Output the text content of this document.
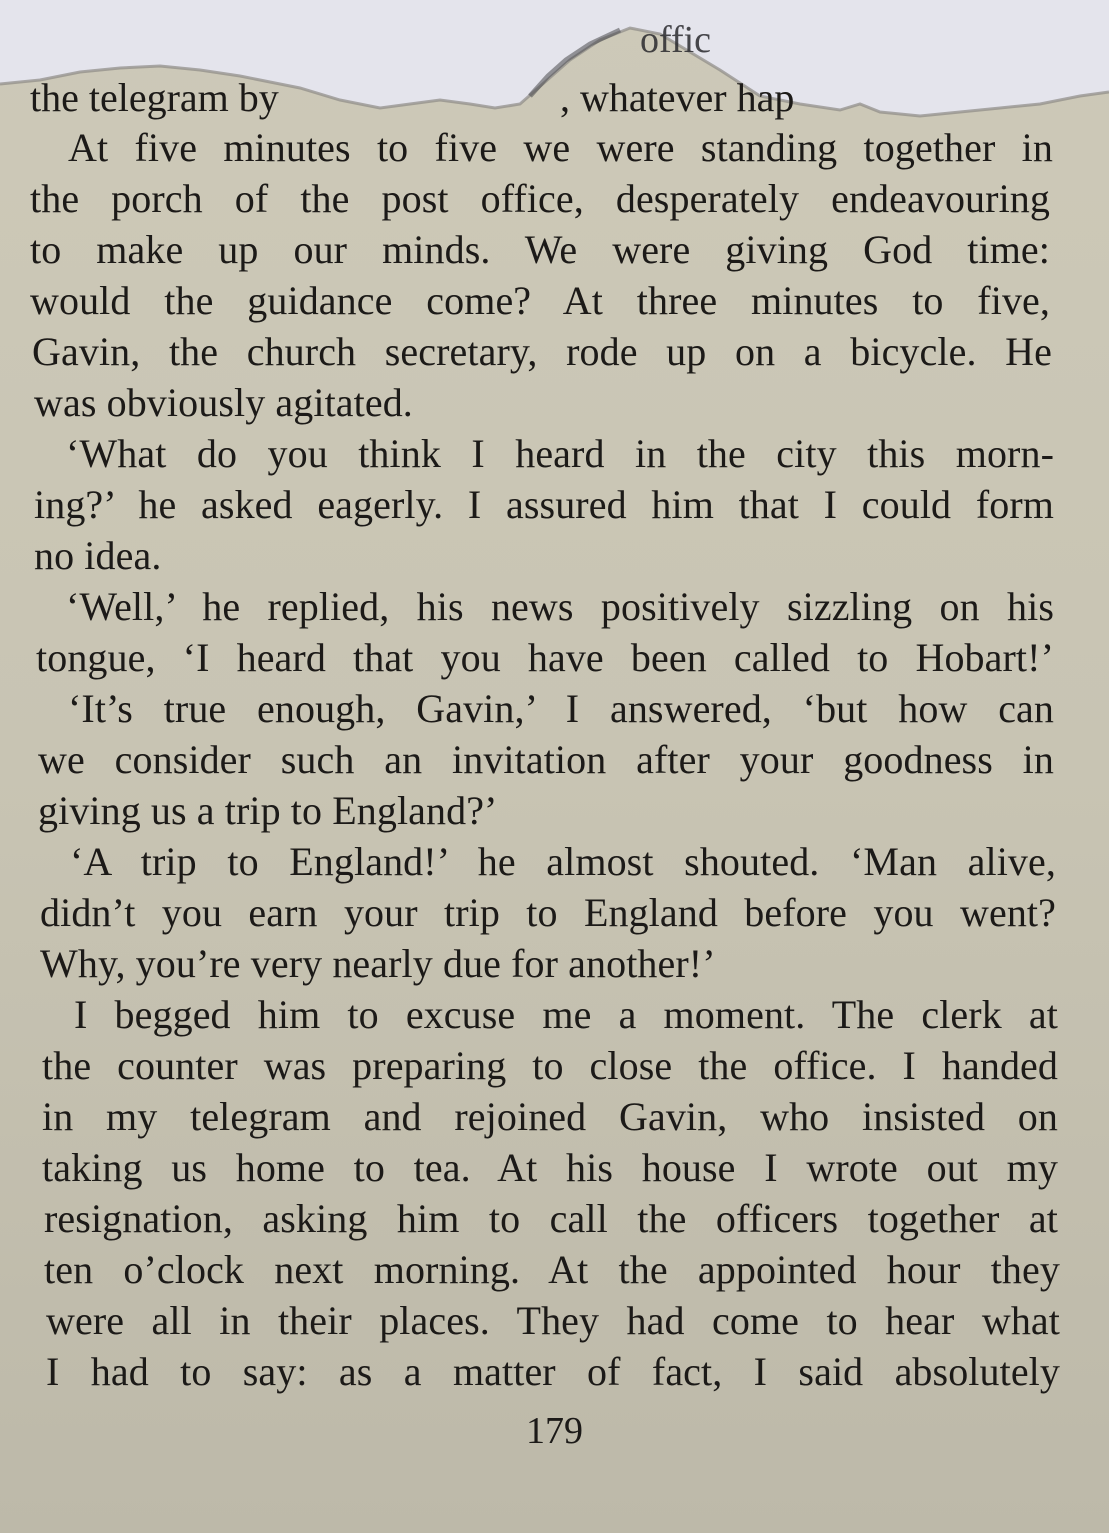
offic
the telegram by	, whatever hap
At five minutes to five we were standing together in
the porch of the post office, desperately endeavouring
to make up our minds. We were giving God time:
would the guidance come? At three minutes to five,
Gavin, the church secretary, rode up on a bicycle. He
was obviously agitated.
‘What do you think I heard in the city this morn-
ing?’ he asked eagerly. I assured him that I could form
no idea.
‘Well,’ he replied, his news positively sizzling on his
tongue, ‘I heard that you have been called to Hobart!’
‘It’s true enough, Gavin,’ I answered, ‘but how can
we consider such an invitation after your goodness in
giving us a trip to England?’
‘A trip to England!’ he almost shouted. ‘Man alive,
didn’t you earn your trip to England before you went?
Why, you’re very nearly due for another!’
I begged him to excuse me a moment. The clerk at
the counter was preparing to close the office. I handed
in my telegram and rejoined Gavin, who insisted on
taking us home to tea. At his house I wrote out my
resignation, asking him to call the officers together at
ten o’clock next morning. At the appointed hour they
were all in their places. They had come to hear what
I had to say: as a matter of fact, I said absolutely
179
